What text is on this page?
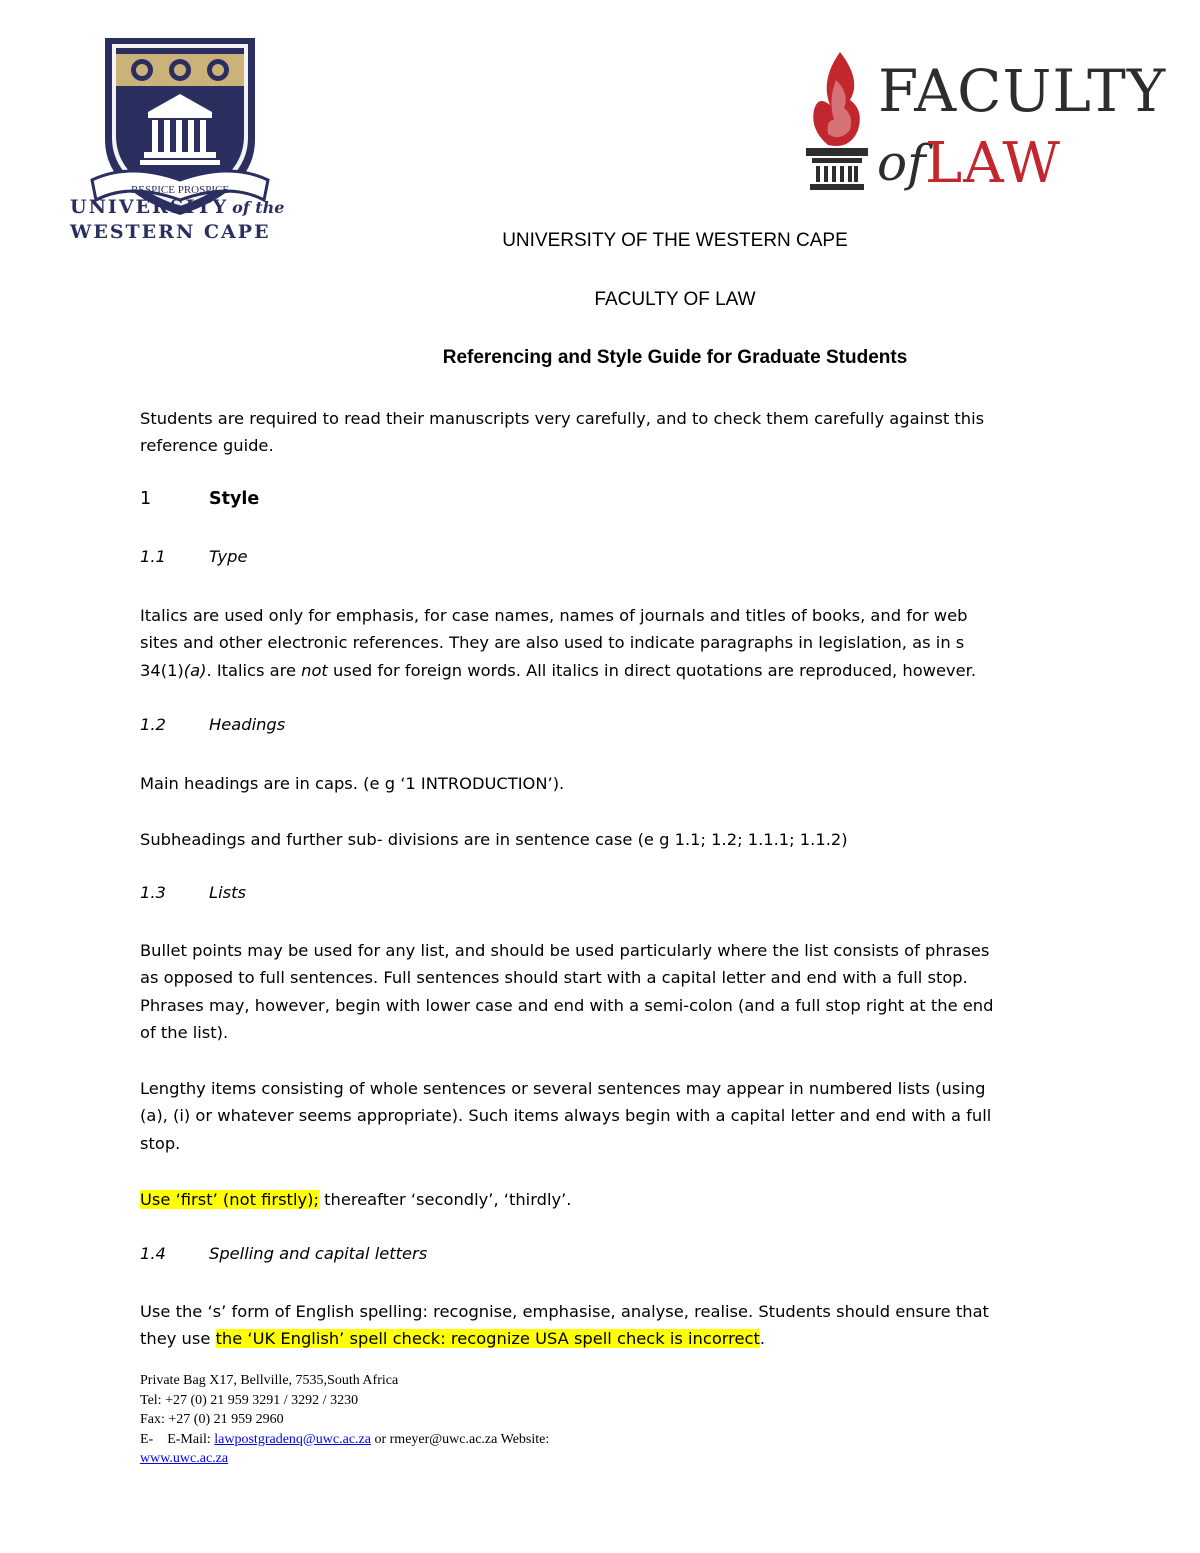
RESPICE PROSPICE
UNIVERSITY of the
WESTERN CAPE
FACULTY
of LAW
UNIVERSITY OF THE WESTERN CAPE
FACULTY OF LAW
Referencing and Style Guide for Graduate Students
Students are required to read their manuscripts very carefully, and to check them carefully against this
reference guide.
1	Style
1.1	Type
Italics are used only for emphasis, for case names, names of journals and titles of books, and for web
sites and other electronic references. They are also used to indicate paragraphs in legislation, as in s
34(1)(a). Italics are not used for foreign words. All italics in direct quotations are reproduced, however.
1.2	Headings
Main headings are in caps. (e g ‘1 INTRODUCTION’).
Subheadings and further sub- divisions are in sentence case (e g 1.1; 1.2; 1.1.1; 1.1.2)
1.3	Lists
Bullet points may be used for any list, and should be used particularly where the list consists of phrases
as opposed to full sentences. Full sentences should start with a capital letter and end with a full stop.
Phrases may, however, begin with lower case and end with a semi-colon (and a full stop right at the end
of the list).
Lengthy items consisting of whole sentences or several sentences may appear in numbered lists (using
(a), (i) or whatever seems appropriate). Such items always begin with a capital letter and end with a full
stop.
Use ‘first’ (not firstly); thereafter ‘secondly’, ‘thirdly’.
1.4	Spelling and capital letters
Use the ‘s’ form of English spelling: recognise, emphasise, analyse, realise. Students should ensure that
they use the ‘UK English’ spell check: recognize USA spell check is incorrect.
Private Bag X17, Bellville, 7535,South Africa
Tel: +27 (0) 21 959 3291 / 3292 / 3230
Fax: +27 (0) 21 959 2960
E-    E-Mail: lawpostgradenq@uwc.ac.za or rmeyer@uwc.ac.za Website:
www.uwc.ac.za
